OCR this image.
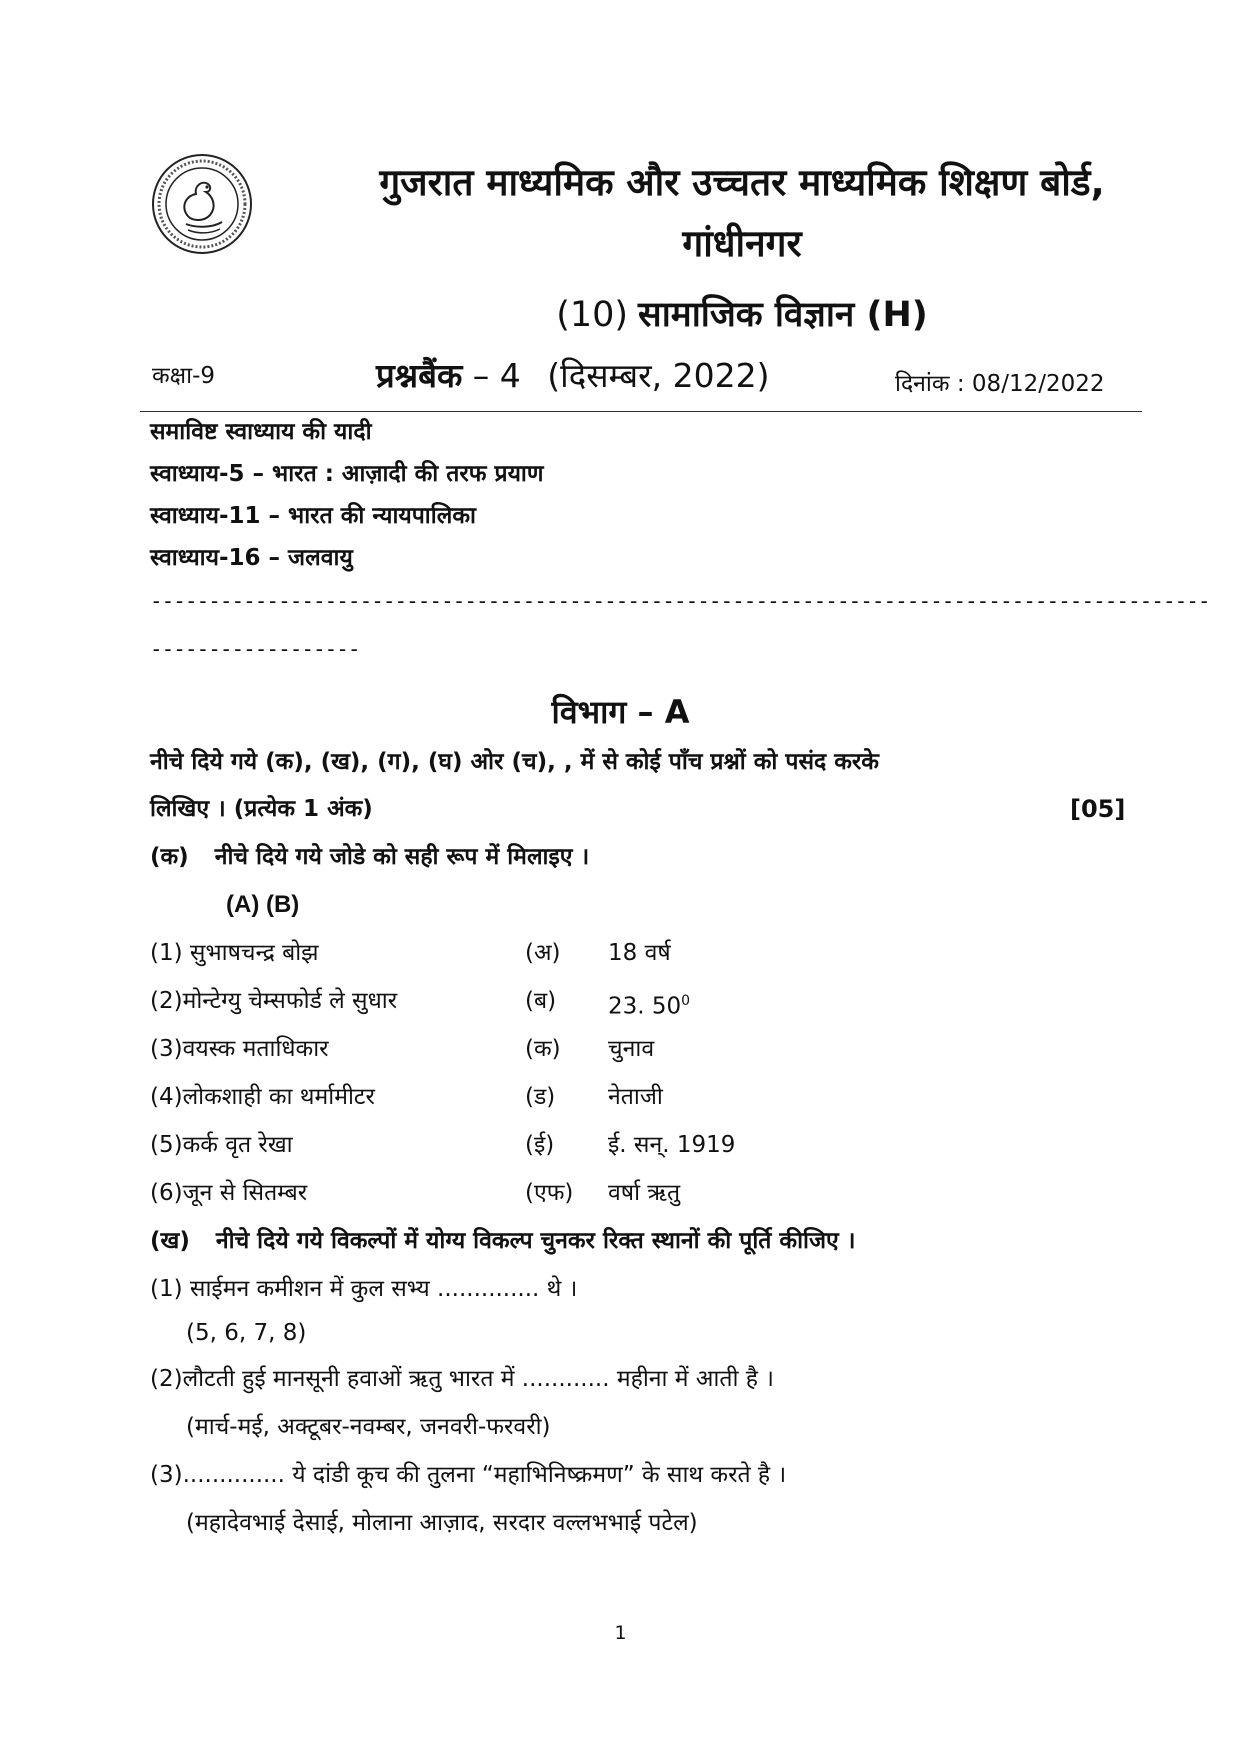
गुजरात माध्यमिक और उच्चतर माध्यमिक शिक्षण बोर्ड,
गांधीनगर
(10) सामाजिक विज्ञान (H)
कक्षा-9	प्रश्नबैंक – 4 (दिसम्बर, 2022)	दिनांक : 08/12/2022
समाविष्ट स्वाध्याय की यादी
स्वाध्याय-5 – भारत : आज़ादी की तरफ प्रयाण
स्वाध्याय-11 – भारत की न्यायपालिका
स्वाध्याय-16 – जलवायु
-------------------------------------------------------------------------------------------
------------------
विभाग – A
नीचे दिये गये (क), (ख), (ग), (घ) ओर (च), , में से कोई पाँच प्रश्नों को पसंद करके
लिखिए । (प्रत्येक 1 अंक)	[05]
(क) नीचे दिये गये जोडे को सही रूप में मिलाइए ।
(A) (B)
(1) सुभाषचन्द्र बोझ	(अ) 18 वर्ष
(2)मोन्टेग्यु चेम्सफोर्ड ले सुधार	(ब) 23. $50^0$
(3)वयस्क मताधिकार	(क) चुनाव
(4)लोकशाही का थर्मामीटर	(ड) नेताजी
(5)कर्क वृत रेखा	(ई) ई. सन्. 1919
(6)जून से सितम्बर	(एफ) वर्षा ऋतु
(ख) नीचे दिये गये विकल्पों में योग्य विकल्प चुनकर रिक्त स्थानों की पूर्ति कीजिए ।
(1) साईमन कमीशन में कुल सभ्य .............. थे ।
(5, 6, 7, 8)
(2)लौटती हुई मानसूनी हवाओं ऋतु भारत में ............ महीना में आती है ।
(मार्च-मई, अक्टूबर-नवम्बर, जनवरी-फरवरी)
(3).............. ये दांडी कूच की तुलना “महाभिनिष्क्रमण” के साथ करते है ।
(महादेवभाई देसाई, मोलाना आज़ाद, सरदार वल्लभभाई पटेल)
1
